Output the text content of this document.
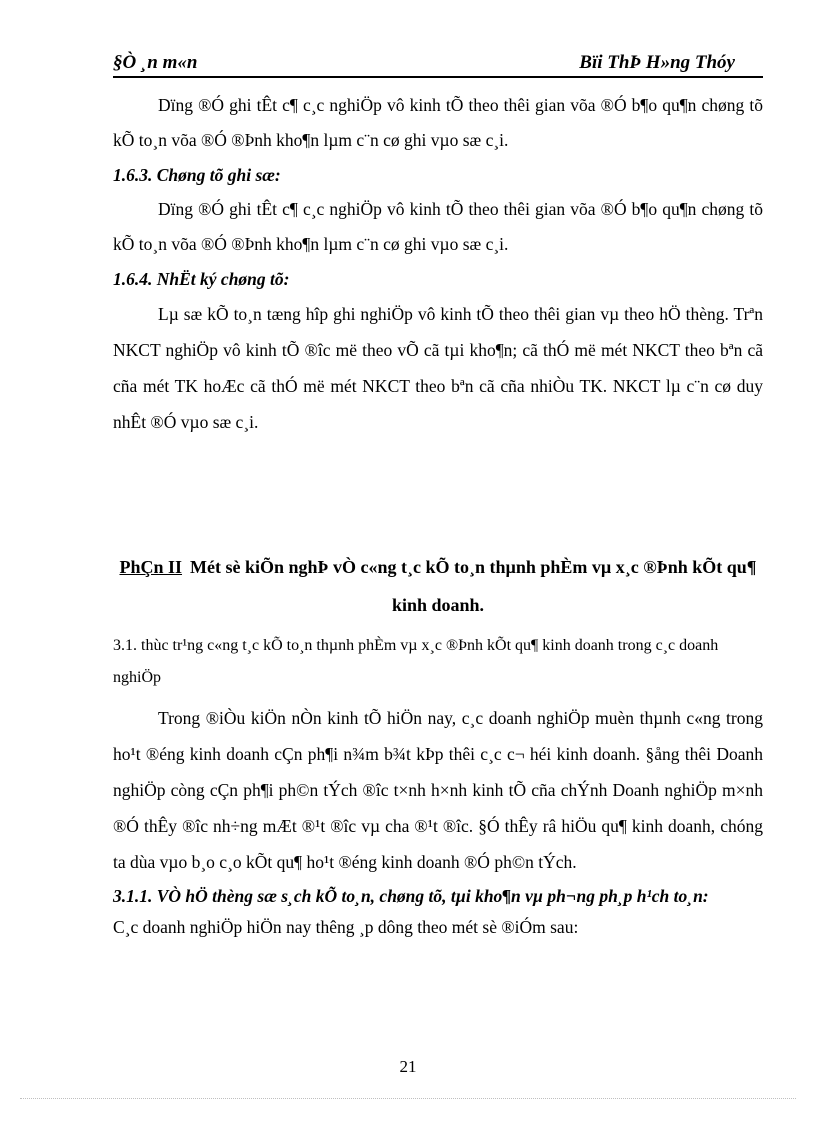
§Ò ¸n m«n	Bïi ThÞ H»ng Thóy

Dïng ®Ó ghi tÊt c¶ c¸c nghiÖp vô kinh tÕ theo thêi gian võa ®Ó b¶o qu¶n chøng tõ kÕ to¸n võa ®Ó ®Þnh kho¶n lµm c¨n cø ghi vµo sæ c¸i.

1.6.3. Chøng tõ ghi sæ:

Dïng ®Ó ghi tÊt c¶ c¸c nghiÖp vô kinh tÕ theo thêi gian võa ®Ó b¶o qu¶n chøng tõ kÕ to¸n võa ®Ó ®Þnh kho¶n lµm c¨n cø ghi vµo sæ c¸i.

1.6.4. NhËt ký chøng tõ:

Lµ sæ kÕ to¸n tæng hîp ghi nghiÖp vô kinh tÕ theo thêi gian vµ theo hÖ thèng. Trªn NKCT nghiÖp vô kinh tÕ ®îc më theo vÕ cã tµi kho¶n; cã thÓ më mét NKCT theo bªn cã cña mét TK hoÆc cã thÓ më mét NKCT theo bªn cã cña nhiÒu TK. NKCT lµ c¨n cø duy nhÊt ®Ó vµo sæ c¸i.

PhÇn II Mét sè kiÕn nghÞ vÒ c«ng t¸c kÕ to¸n thµnh phÈm vµ x¸c ®Þnh kÕt qu¶ kinh doanh.

3.1. thùc tr¹ng c«ng t¸c kÕ to¸n thµnh phÈm vµ x¸c ®Þnh kÕt qu¶ kinh doanh trong c¸c doanh nghiÖp

Trong ®iÒu kiÖn nÒn kinh tÕ hiÖn nay, c¸c doanh nghiÖp muèn thµnh c«ng trong ho¹t ®éng kinh doanh cÇn ph¶i n¾m b¾t kÞp thêi c¸c c¬ héi kinh doanh. §ång thêi Doanh nghiÖp còng cÇn ph¶i ph©n tÝch ®îc t×nh h×nh kinh tÕ cña chÝnh Doanh nghiÖp m×nh ®Ó thÊy ®îc nh÷ng mÆt ®¹t ®îc vµ cha ®¹t ®îc. §Ó thÊy râ hiÖu qu¶ kinh doanh, chóng ta dùa vµo b¸o c¸o kÕt qu¶ ho¹t ®éng kinh doanh ®Ó ph©n tÝch.

3.1.1. VÒ hÖ thèng sæ s¸ch kÕ to¸n, chøng tõ, tµi kho¶n vµ ph¬ng ph¸p h¹ch to¸n:

C¸c doanh nghiÖp hiÖn nay thêng ¸p dông theo mét sè ®iÓm sau:

21
